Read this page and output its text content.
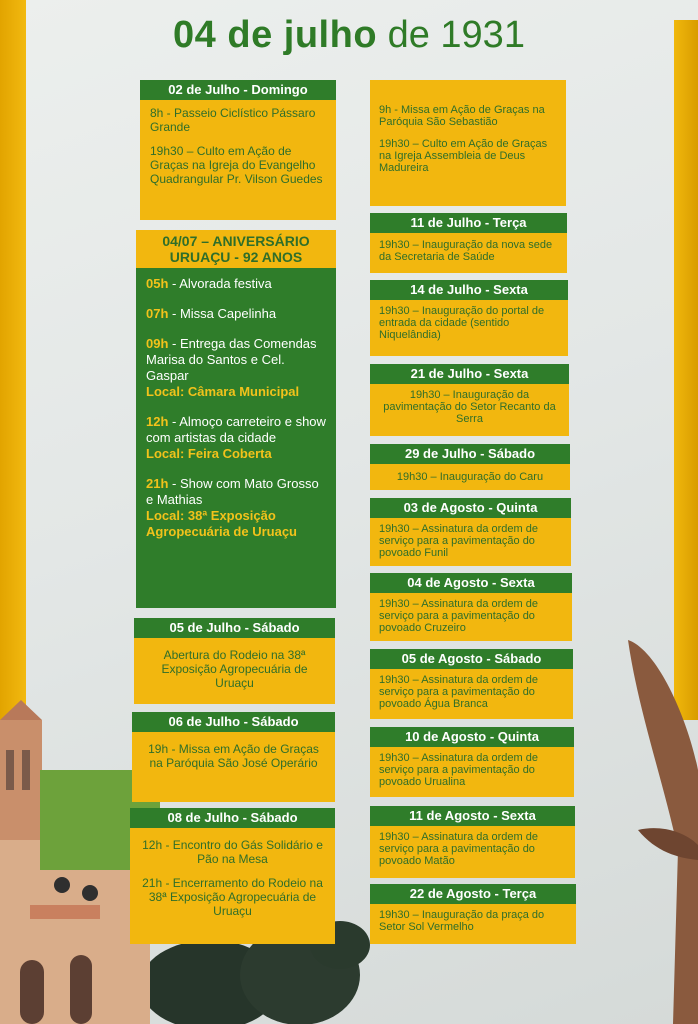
04 de julho de 1931
02 de Julho - Domingo

8h - Passeio Ciclístico Pássaro Grande

19h30 – Culto em Ação de Graças na Igreja do Evangelho Quadrangular Pr. Vilson Guedes

04/07 – ANIVERSÁRIO
URUAÇU - 92 ANOS
05h - Alvorada festiva
07h - Missa Capelinha
09h - Entrega das Comendas Marisa do Santos e Cel. Gaspar
Local: Câmara Municipal
12h - Almoço carreteiro e show com artistas da cidade
Local: Feira Coberta
21h - Show com Mato Grosso e Mathias
Local: 38ª Exposição Agropecuária de Uruaçu
05 de Julho - Sábado

Abertura do Rodeio na 38ª Exposição Agropecuária de Uruaçu

06 de Julho - Sábado

19h - Missa em Ação de Graças na Paróquia São José Operário

08 de Julho - Sábado

12h - Encontro do Gás Solidário e Pão na Mesa

21h - Encerramento do Rodeio na 38ª Exposição Agropecuária de Uruaçu

9h - Missa em Ação de Graças na Paróquia São Sebastião

19h30 – Culto em Ação de Graças na Igreja Assembleia de Deus Madureira

11 de Julho - Terça

19h30 – Inauguração da nova sede da Secretaria de Saúde

14 de Julho - Sexta

19h30 – Inauguração do portal de entrada da cidade (sentido Niquelândia)

21 de Julho - Sexta

19h30 – Inauguração da pavimentação do Setor Recanto da Serra

29 de Julho - Sábado

19h30 – Inauguração do Caru

03 de Agosto - Quinta

19h30 – Assinatura da ordem de serviço para a pavimentação do povoado Funil

04 de Agosto - Sexta

19h30 – Assinatura da ordem de serviço para a pavimentação do povoado Cruzeiro

05 de Agosto - Sábado

19h30 – Assinatura da ordem de serviço para a pavimentação do povoado Água Branca

10 de Agosto - Quinta

19h30 – Assinatura da ordem de serviço para a pavimentação do povoado Urualina

11 de Agosto - Sexta

19h30 – Assinatura da ordem de serviço para a pavimentação do povoado Matão

22 de Agosto - Terça

19h30 – Inauguração da praça do Setor Sol Vermelho
